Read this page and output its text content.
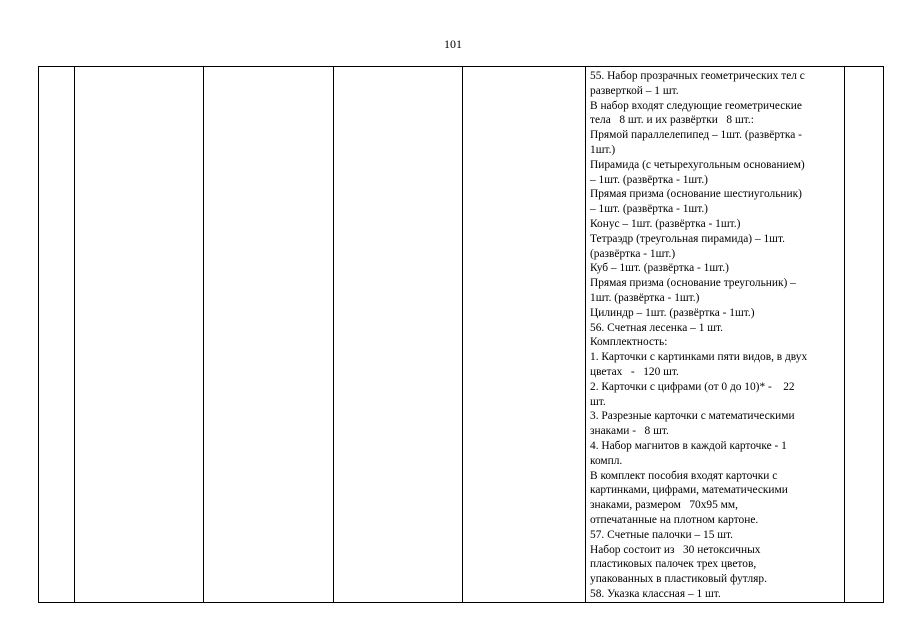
101

55. Набор прозрачных геометрических тел с
разверткой – 1 шт.
В набор входят следующие геометрические
тела   8 шт. и их развёртки   8 шт.:
Прямой параллелепипед – 1шт. (развёртка -
1шт.)
Пирамида (с четырехугольным основанием)
– 1шт. (развёртка - 1шт.)
Прямая призма (основание шестиугольник)
– 1шт. (развёртка - 1шт.)
Конус – 1шт. (развёртка - 1шт.)
Тетраэдр (треугольная пирамида) – 1шт.
(развёртка - 1шт.)
Куб – 1шт. (развёртка - 1шт.)
Прямая призма (основание треугольник) –
1шт. (развёртка - 1шт.)
Цилиндр – 1шт. (развёртка - 1шт.)
56. Счетная лесенка – 1 шт.
Комплектность:
1. Карточки с картинками пяти видов, в двух
цветах   -   120 шт.
2. Карточки с цифрами (от 0 до 10)* -    22
шт.
3. Разрезные карточки с математическими
знаками -   8 шт.
4. Набор магнитов в каждой карточке - 1
компл.
В комплект пособия входят карточки с
картинками, цифрами, математическими
знаками, размером   70х95 мм,
отпечатанные на плотном картоне.
57. Счетные палочки – 15 шт.
Набор состоит из   30 нетоксичных
пластиковых палочек трех цветов,
упакованных в пластиковый футляр.
58. Указка классная – 1 шт.
